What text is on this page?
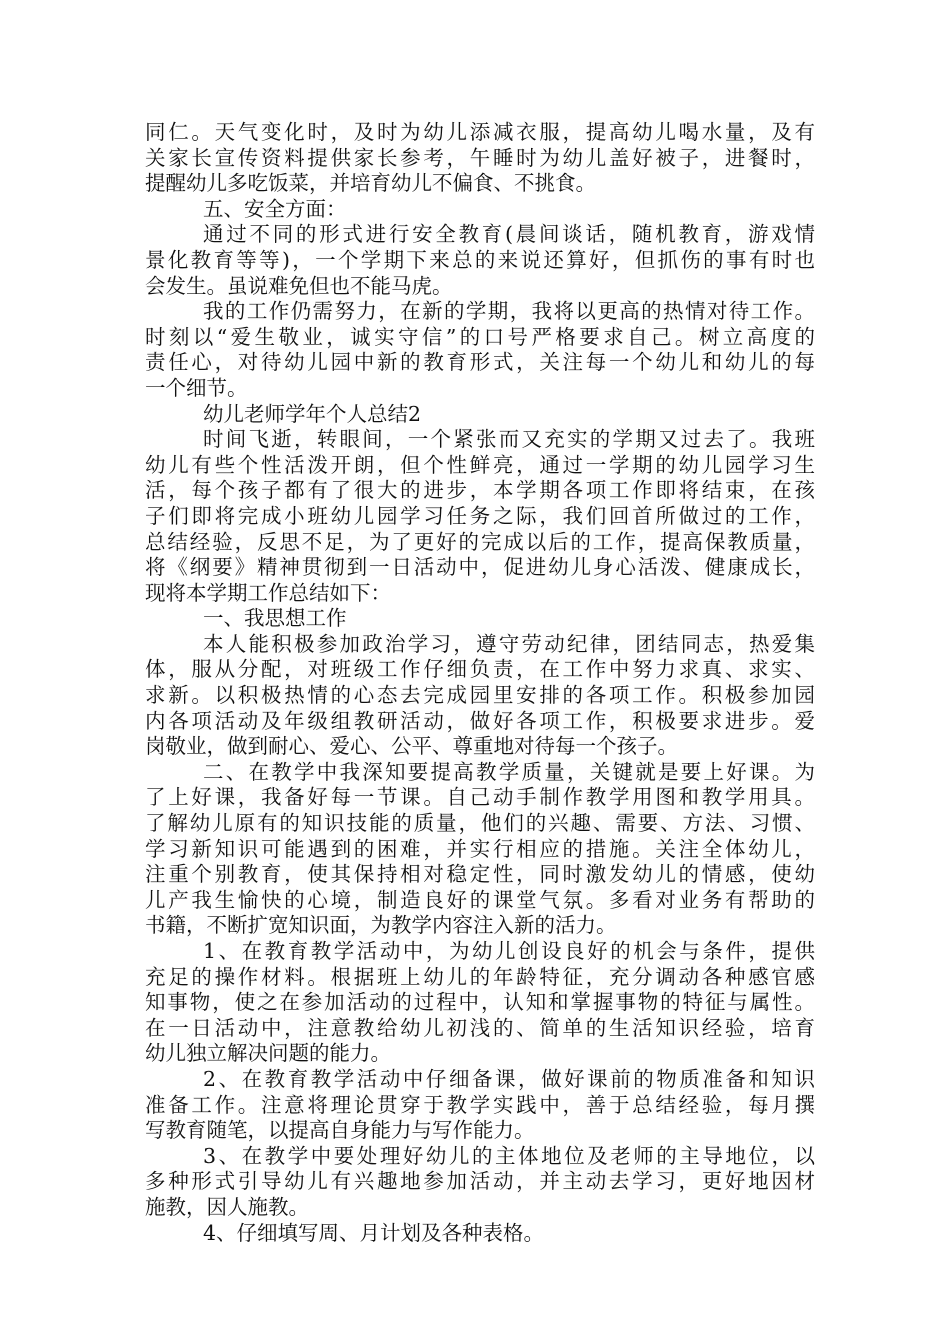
同仁。天气变化时，及时为幼儿添减衣服，提高幼儿喝水量，及有
关家长宣传资料提供家长参考，午睡时为幼儿盖好被子，进餐时，
提醒幼儿多吃饭菜，并培育幼儿不偏食、不挑食。
五、安全方面：
通过不同的形式进行安全教育(晨间谈话，随机教育，游戏情
景化教育等等)，一个学期下来总的来说还算好，但抓伤的事有时也
会发生。虽说难免但也不能马虎。
我的工作仍需努力，在新的学期，我将以更高的热情对待工作。
时刻以“爱生敬业，诚实守信”的口号严格要求自己。树立高度的
责任心，对待幼儿园中新的教育形式，关注每一个幼儿和幼儿的每
一个细节。
幼儿老师学年个人总结2
时间飞逝，转眼间，一个紧张而又充实的学期又过去了。我班
幼儿有些个性活泼开朗，但个性鲜亮，通过一学期的幼儿园学习生
活，每个孩子都有了很大的进步，本学期各项工作即将结束，在孩
子们即将完成小班幼儿园学习任务之际，我们回首所做过的工作，
总结经验，反思不足，为了更好的完成以后的工作，提高保教质量，
将《纲要》精神贯彻到一日活动中，促进幼儿身心活泼、健康成长，
现将本学期工作总结如下：
一、我思想工作
本人能积极参加政治学习，遵守劳动纪律，团结同志，热爱集
体，服从分配，对班级工作仔细负责，在工作中努力求真、求实、
求新。以积极热情的心态去完成园里安排的各项工作。积极参加园
内各项活动及年级组教研活动，做好各项工作，积极要求进步。爱
岗敬业，做到耐心、爱心、公平、尊重地对待每一个孩子。
二、在教学中我深知要提高教学质量，关键就是要上好课。为
了上好课，我备好每一节课。自己动手制作教学用图和教学用具。
了解幼儿原有的知识技能的质量，他们的兴趣、需要、方法、习惯、
学习新知识可能遇到的困难，并实行相应的措施。关注全体幼儿，
注重个别教育，使其保持相对稳定性，同时激发幼儿的情感，使幼
儿产我生愉快的心境，制造良好的课堂气氛。多看对业务有帮助的
书籍，不断扩宽知识面，为教学内容注入新的活力。
1、在教育教学活动中，为幼儿创设良好的机会与条件，提供
充足的操作材料。根据班上幼儿的年龄特征，充分调动各种感官感
知事物，使之在参加活动的过程中，认知和掌握事物的特征与属性。
在一日活动中，注意教给幼儿初浅的、简单的生活知识经验，培育
幼儿独立解决问题的能力。
2、在教育教学活动中仔细备课，做好课前的物质准备和知识
准备工作。注意将理论贯穿于教学实践中，善于总结经验，每月撰
写教育随笔，以提高自身能力与写作能力。
3、在教学中要处理好幼儿的主体地位及老师的主导地位，以
多种形式引导幼儿有兴趣地参加活动，并主动去学习，更好地因材
施教，因人施教。
4、仔细填写周、月计划及各种表格。
